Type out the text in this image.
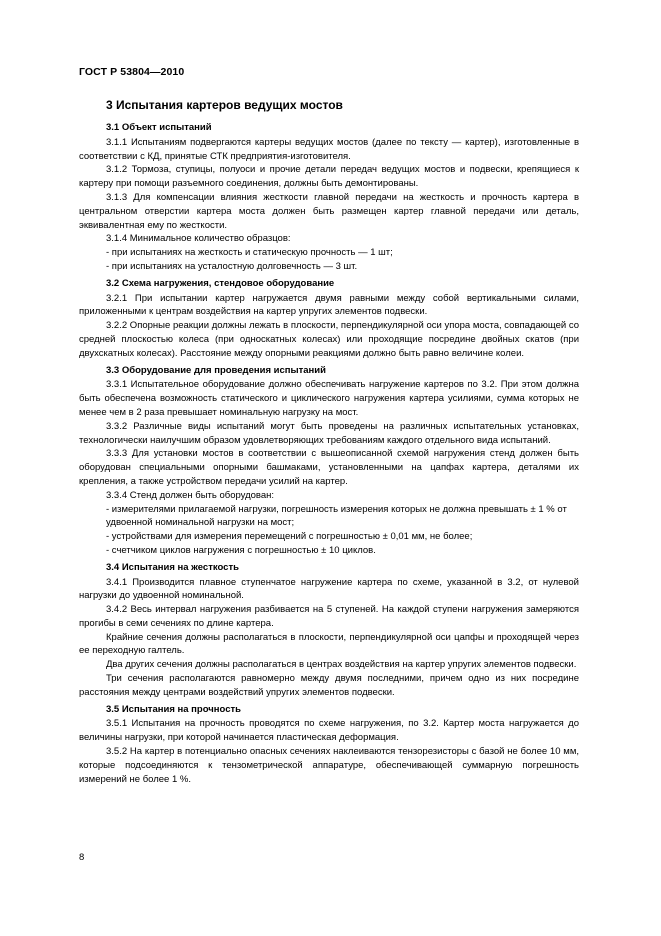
ГОСТ Р 53804—2010
3 Испытания картеров ведущих мостов
3.1 Объект испытаний

3.1.1 Испытаниям подвергаются картеры ведущих мостов (далее по тексту — картер), изготовленные в соответствии с КД, принятые СТК предприятия-изготовителя.

3.1.2 Тормоза, ступицы, полуоси и прочие детали передач ведущих мостов и подвески, крепящиеся к картеру при помощи разъемного соединения, должны быть демонтированы.

3.1.3 Для компенсации влияния жесткости главной передачи на жесткость и прочность картера в центральном отверстии картера моста должен быть размещен картер главной передачи или деталь, эквивалентная ему по жесткости.

3.1.4 Минимальное количество образцов:

- при испытаниях на жесткость и статическую прочность — 1 шт;

- при испытаниях на усталостную долговечность — 3 шт.

3.2 Схема нагружения, стендовое оборудование

3.2.1 При испытании картер нагружается двумя равными между собой вертикальными силами, приложенными к центрам воздействия на картер упругих элементов подвески.

3.2.2 Опорные реакции должны лежать в плоскости, перпендикулярной оси упора моста, совпадающей со средней плоскостью колеса (при односкатных колесах) или проходящие посредине двойных скатов (при двухскатных колесах). Расстояние между опорными реакциями должно быть равно величине колеи.

3.3 Оборудование для проведения испытаний

3.3.1 Испытательное оборудование должно обеспечивать нагружение картеров по 3.2. При этом должна быть обеспечена возможность статического и циклического нагружения картера усилиями, сумма которых не менее чем в 2 раза превышает номинальную нагрузку на мост.

3.3.2 Различные виды испытаний могут быть проведены на различных испытательных установках, технологически наилучшим образом удовлетворяющих требованиям каждого отдельного вида испытаний.

3.3.3 Для установки мостов в соответствии с вышеописанной схемой нагружения стенд должен быть оборудован специальными опорными башмаками, установленными на цапфах картера, деталями их крепления, а также устройством передачи усилий на картер.

3.3.4 Стенд должен быть оборудован:

- измерителями прилагаемой нагрузки, погрешность измерения которых не должна превышать ± 1 % от удвоенной номинальной нагрузки на мост;

- устройствами для измерения перемещений с погрешностью ± 0,01 мм, не более;

- счетчиком циклов нагружения с погрешностью ± 10 циклов.

3.4 Испытания на жесткость

3.4.1 Производится плавное ступенчатое нагружение картера по схеме, указанной в 3.2, от нулевой нагрузки до удвоенной номинальной.

3.4.2 Весь интервал нагружения разбивается на 5 ступеней. На каждой ступени нагружения замеряются прогибы в семи сечениях по длине картера.

Крайние сечения должны располагаться в плоскости, перпендикулярной оси цапфы и проходящей через ее переходную галтель.

Два других сечения должны располагаться в центрах воздействия на картер упругих элементов подвески.

Три сечения располагаются равномерно между двумя последними, причем одно из них посредине расстояния между центрами воздействий упругих элементов подвески.

3.5 Испытания на прочность

3.5.1 Испытания на прочность проводятся по схеме нагружения, по 3.2. Картер моста нагружается до величины нагрузки, при которой начинается пластическая деформация.

3.5.2 На картер в потенциально опасных сечениях наклеиваются тензорезисторы с базой не более 10 мм, которые подсоединяются к тензометрической аппаратуре, обеспечивающей суммарную погрешность измерений не более 1 %.

8
